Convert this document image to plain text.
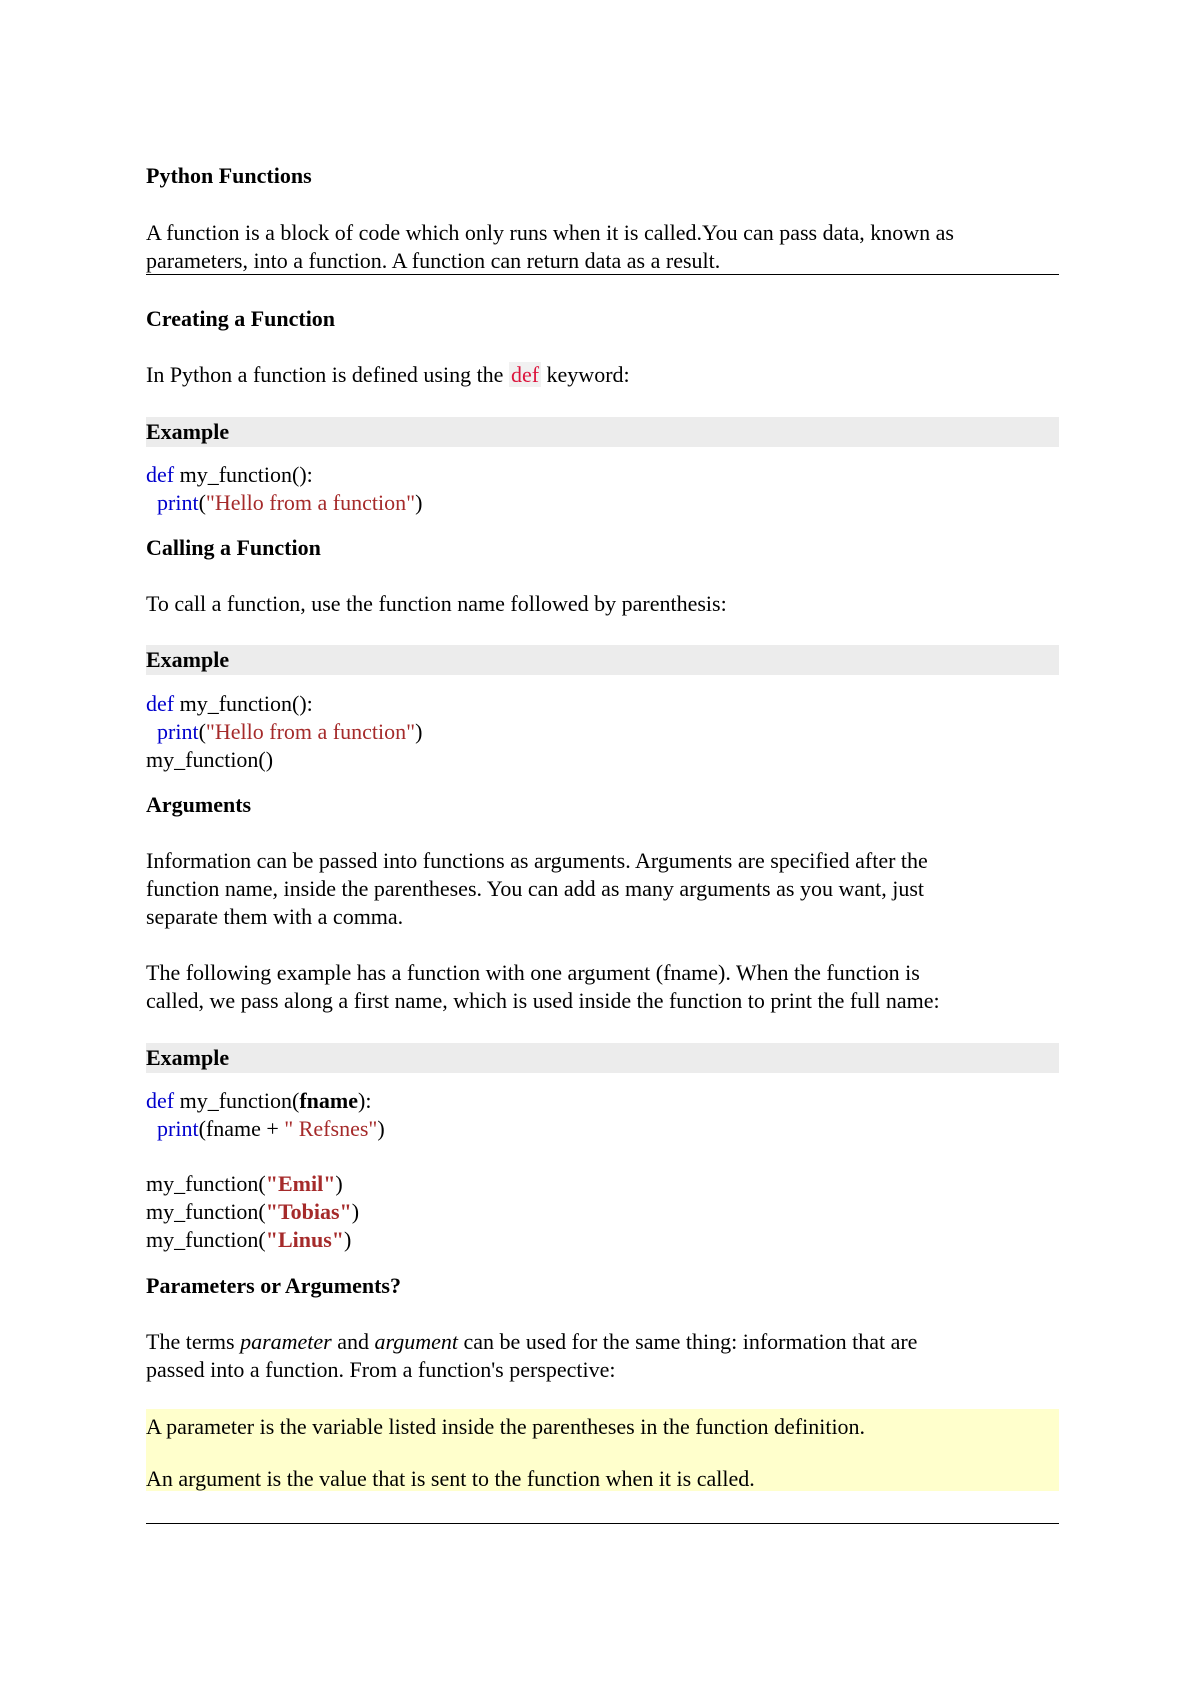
Python Functions
A function is a block of code which only runs when it is called.You can pass data, known as
parameters, into a function. A function can return data as a result.
Creating a Function
In Python a function is defined using the def keyword:
Example
def my_function():
print("Hello from a function")
Calling a Function
To call a function, use the function name followed by parenthesis:
Example
def my_function():
print("Hello from a function")
my_function()
Arguments
Information can be passed into functions as arguments. Arguments are specified after the
function name, inside the parentheses. You can add as many arguments as you want, just
separate them with a comma.
The following example has a function with one argument (fname). When the function is
called, we pass along a first name, which is used inside the function to print the full name:
Example
def my_function(fname):
print(fname + " Refsnes")
my_function("Emil")
my_function("Tobias")
my_function("Linus")
Parameters or Arguments?
The terms parameter and argument can be used for the same thing: information that are
passed into a function. From a function's perspective:
A parameter is the variable listed inside the parentheses in the function definition.
An argument is the value that is sent to the function when it is called.
